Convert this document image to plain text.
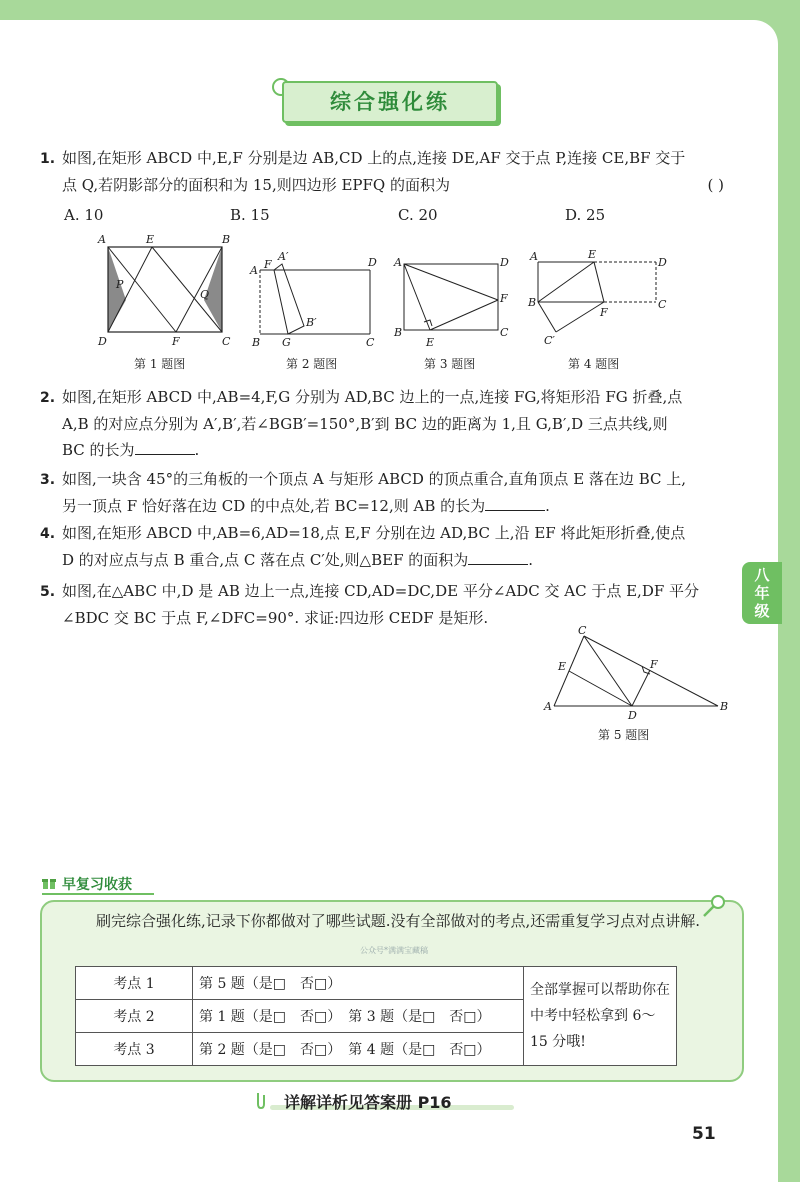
综合强化练
1. 如图,在矩形 ABCD 中,E,F 分别是边 AB,CD 上的点,连接 DE,AF 交于点 P,连接 CE,BF 交于
点 Q,若阴影部分的面积和为 15,则四边形 EPFQ 的面积为	( )
A. 10	B. 15	C. 20	D. 25
A	E	B
P
Q
D	F	C
第 1 题图
A F
A′	D
B′
B G	C
第 2 题图
A	D
F
B
E
C
第 3 题图
A	E
D
B
F
C
C′
第 4 题图
2. 如图,在矩形 ABCD 中,AB=4,F,G 分别为 AD,BC 边上的一点,连接 FG,将矩形沿 FG 折叠,点
A,B 的对应点分别为 A′,B′,若∠BGB′=150°,B′到 BC 边的距离为 1,且 G,B′,D 三点共线,则
BC 的长为	.
3. 如图,一块含 45°的三角板的一个顶点 A 与矩形 ABCD 的顶点重合,直角顶点 E 落在边 BC 上,
另一顶点 F 恰好落在边 CD 的中点处,若 BC=12,则 AB 的长为	.
4. 如图,在矩形 ABCD 中,AB=6,AD=18,点 E,F 分别在边 AD,BC 上,沿 EF 将此矩形折叠,使点
D 的对应点与点 B 重合,点 C 落在点 C′处,则△BEF 的面积为	.
5. 如图,在△ABC 中,D 是 AB 边上一点,连接 CD,AD=DC,DE 平分∠ADC 交 AC 于点 E,DF 平分
∠BDC 交 BC 于点 F,∠DFC=90°. 求证:四边形 CEDF 是矩形.
八
年
级
C
E	F
A
D
B
第 5 题图
早复习收获
刷完综合强化练,记录下你都做对了哪些试题.没有全部做对的考点,还需重复学习点对点讲解.
公众号*满满宝藏稿
考点 1	第 5 题（是□　否□）	全部掌握可以帮助你在中考中轻松拿到 6～15 分哦!
考点 2	第 1 题（是□　否□）　第 3 题（是□　否□）	
考点 3	第 2 题（是□　否□）　第 4 题（是□　否□）	
详解详析见答案册 P16
51
